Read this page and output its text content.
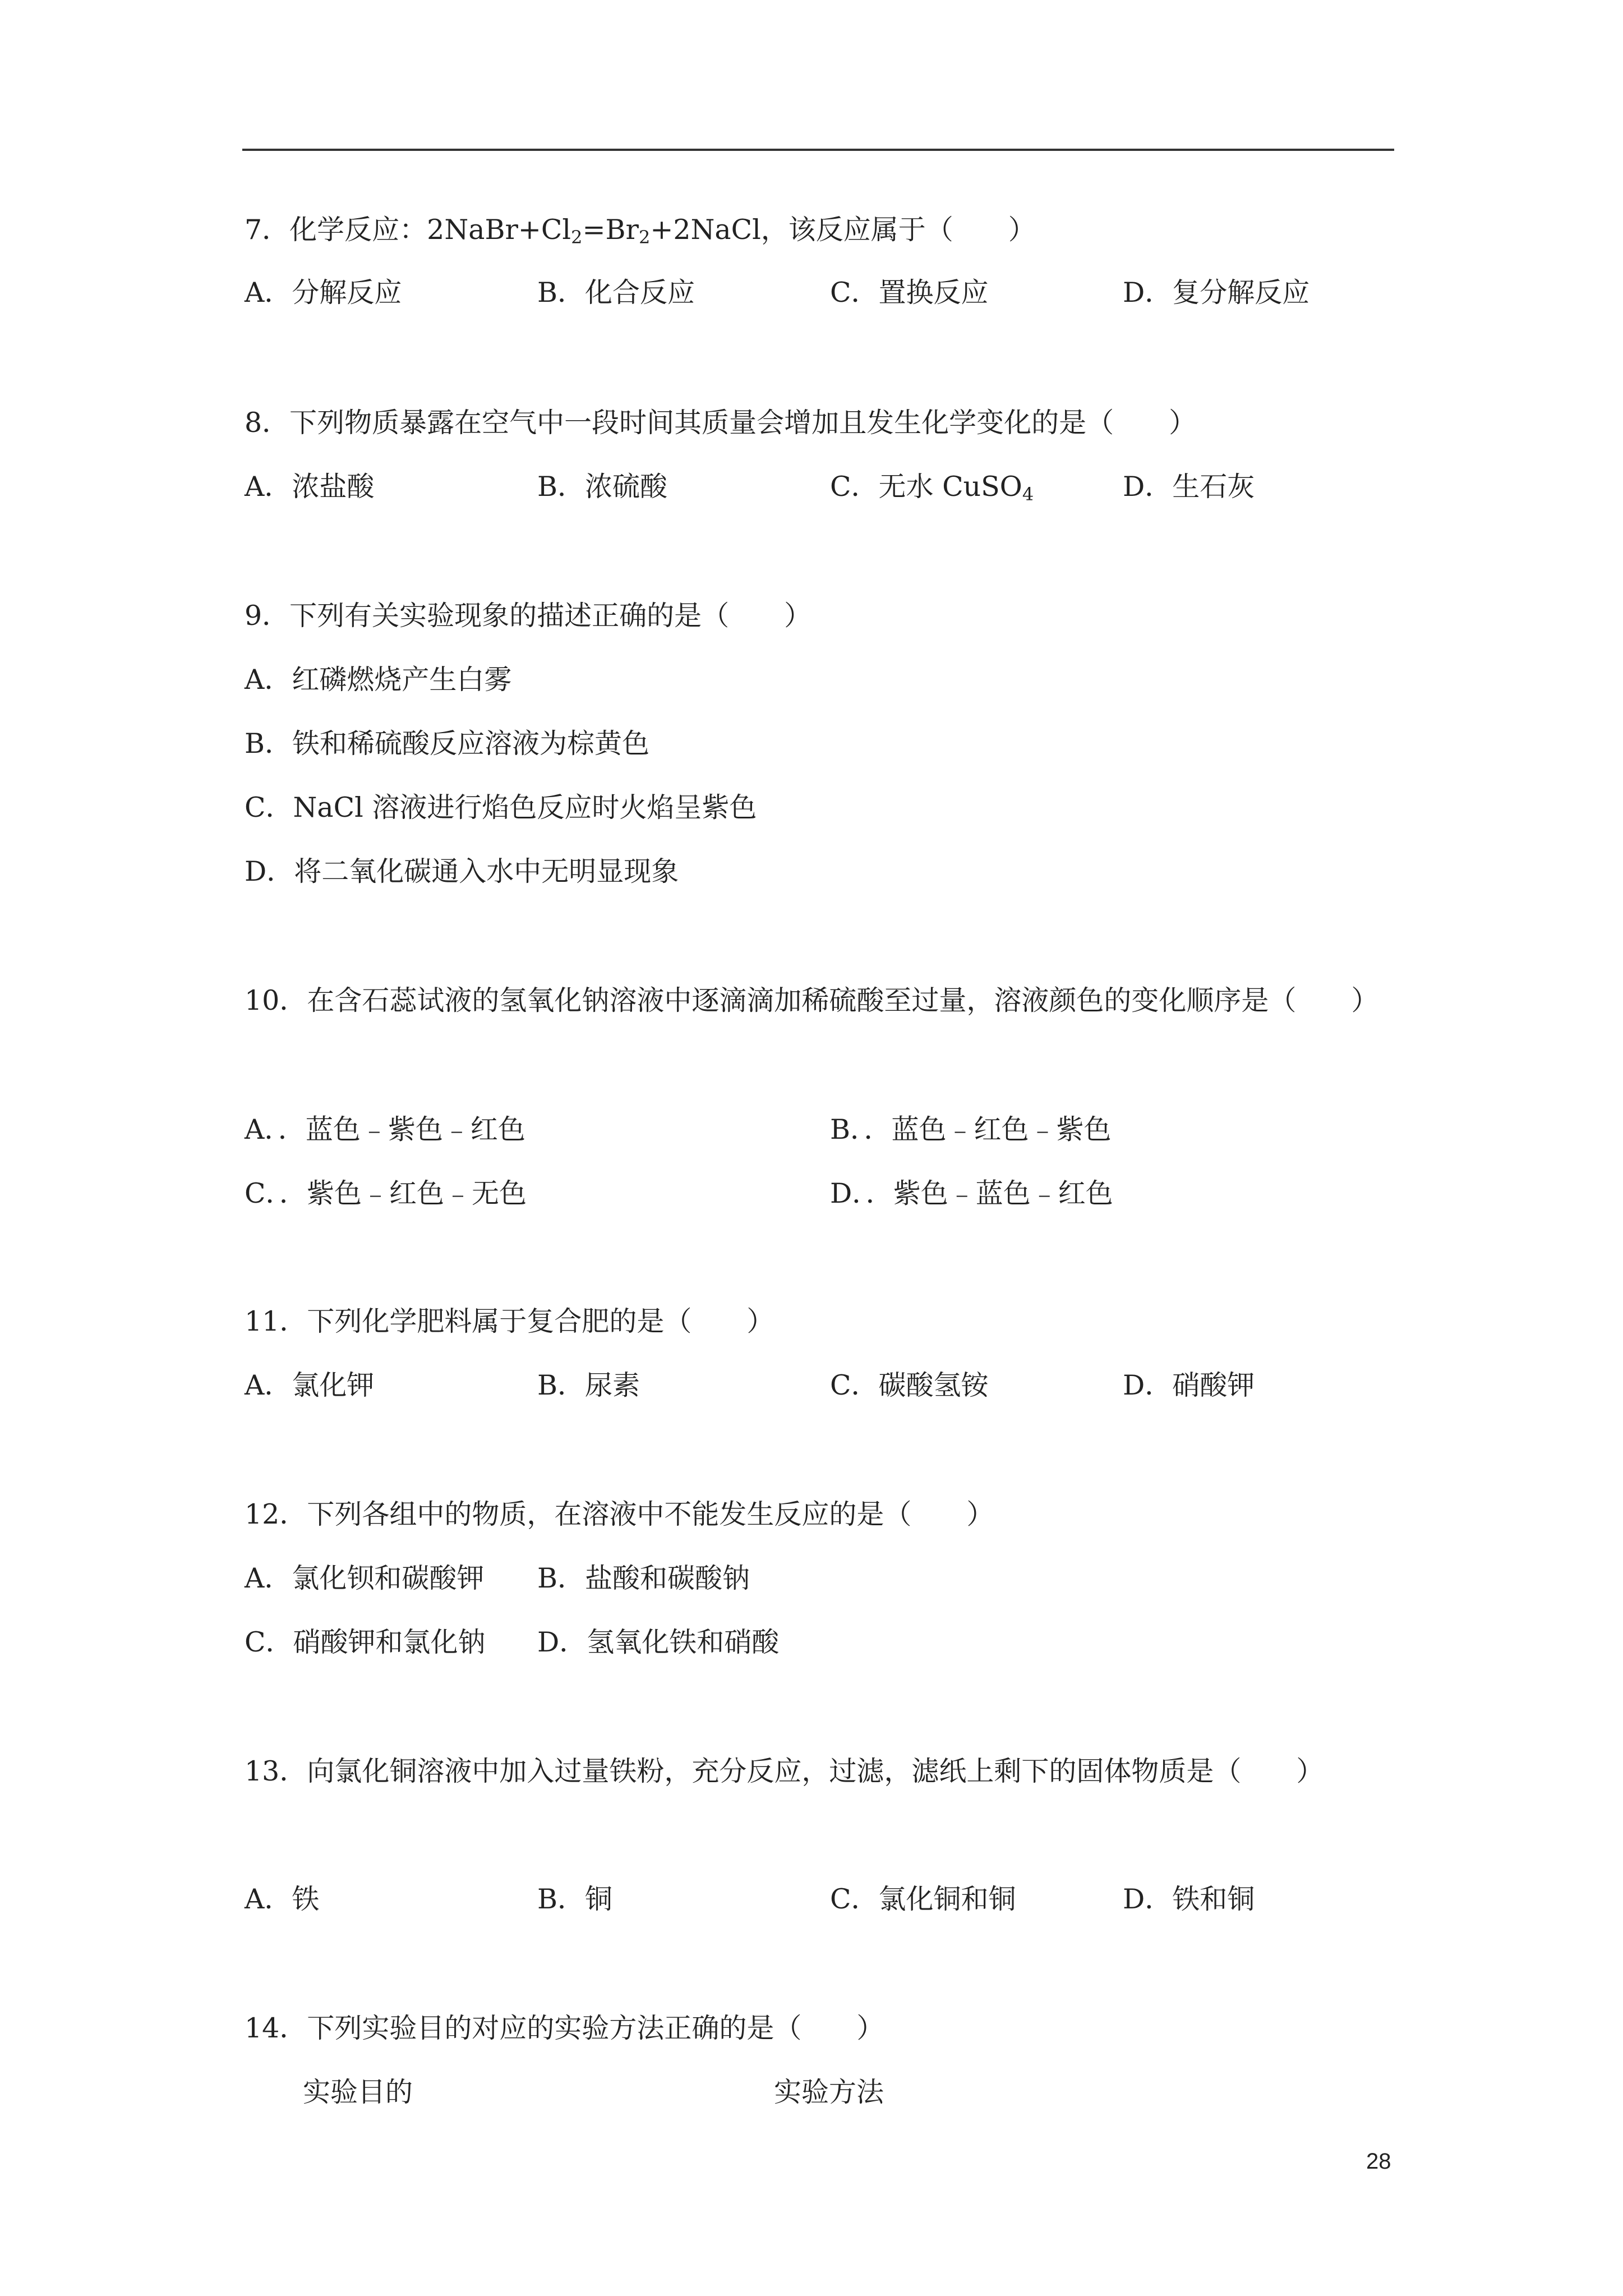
7．化学反应：$2NaBr+Cl_2=Br_2+2NaCl$，该反应属于（　　）
A．分解反应	B．化合反应	C．置换反应	D．复分解反应
8．下列物质暴露在空气中一段时间其质量会增加且发生化学变化的是（　　）
A．浓盐酸	B．浓硫酸	C．无水 CuSO$_4$	D．生石灰
9．下列有关实验现象的描述正确的是（　　）
A．红磷燃烧产生白雾
B．铁和稀硫酸反应溶液为棕黄色
C．NaCl 溶液进行焰色反应时火焰呈紫色
D．将二氧化碳通入水中无明显现象
10．在含石蕊试液的氢氧化钠溶液中逐滴滴加稀硫酸至过量，溶液颜色的变化顺序是（　　）
A．．蓝色﹣紫色﹣红色	B．．蓝色﹣红色﹣紫色
C．．紫色﹣红色﹣无色	D．．紫色﹣蓝色﹣红色
11．下列化学肥料属于复合肥的是（　　）
A．氯化钾	B．尿素	C．碳酸氢铵	D．硝酸钾
12．下列各组中的物质，在溶液中不能发生反应的是（　　）
A．氯化钡和碳酸钾 B．盐酸和碳酸钠
C．硝酸钾和氯化钠 D．氢氧化铁和硝酸
13．向氯化铜溶液中加入过量铁粉，充分反应，过滤，滤纸上剩下的固体物质是（　　）
A．铁	B．铜	C．氯化铜和铜	D．铁和铜
14．下列实验目的对应的实验方法正确的是（　　）
实验目的	实验方法
28
